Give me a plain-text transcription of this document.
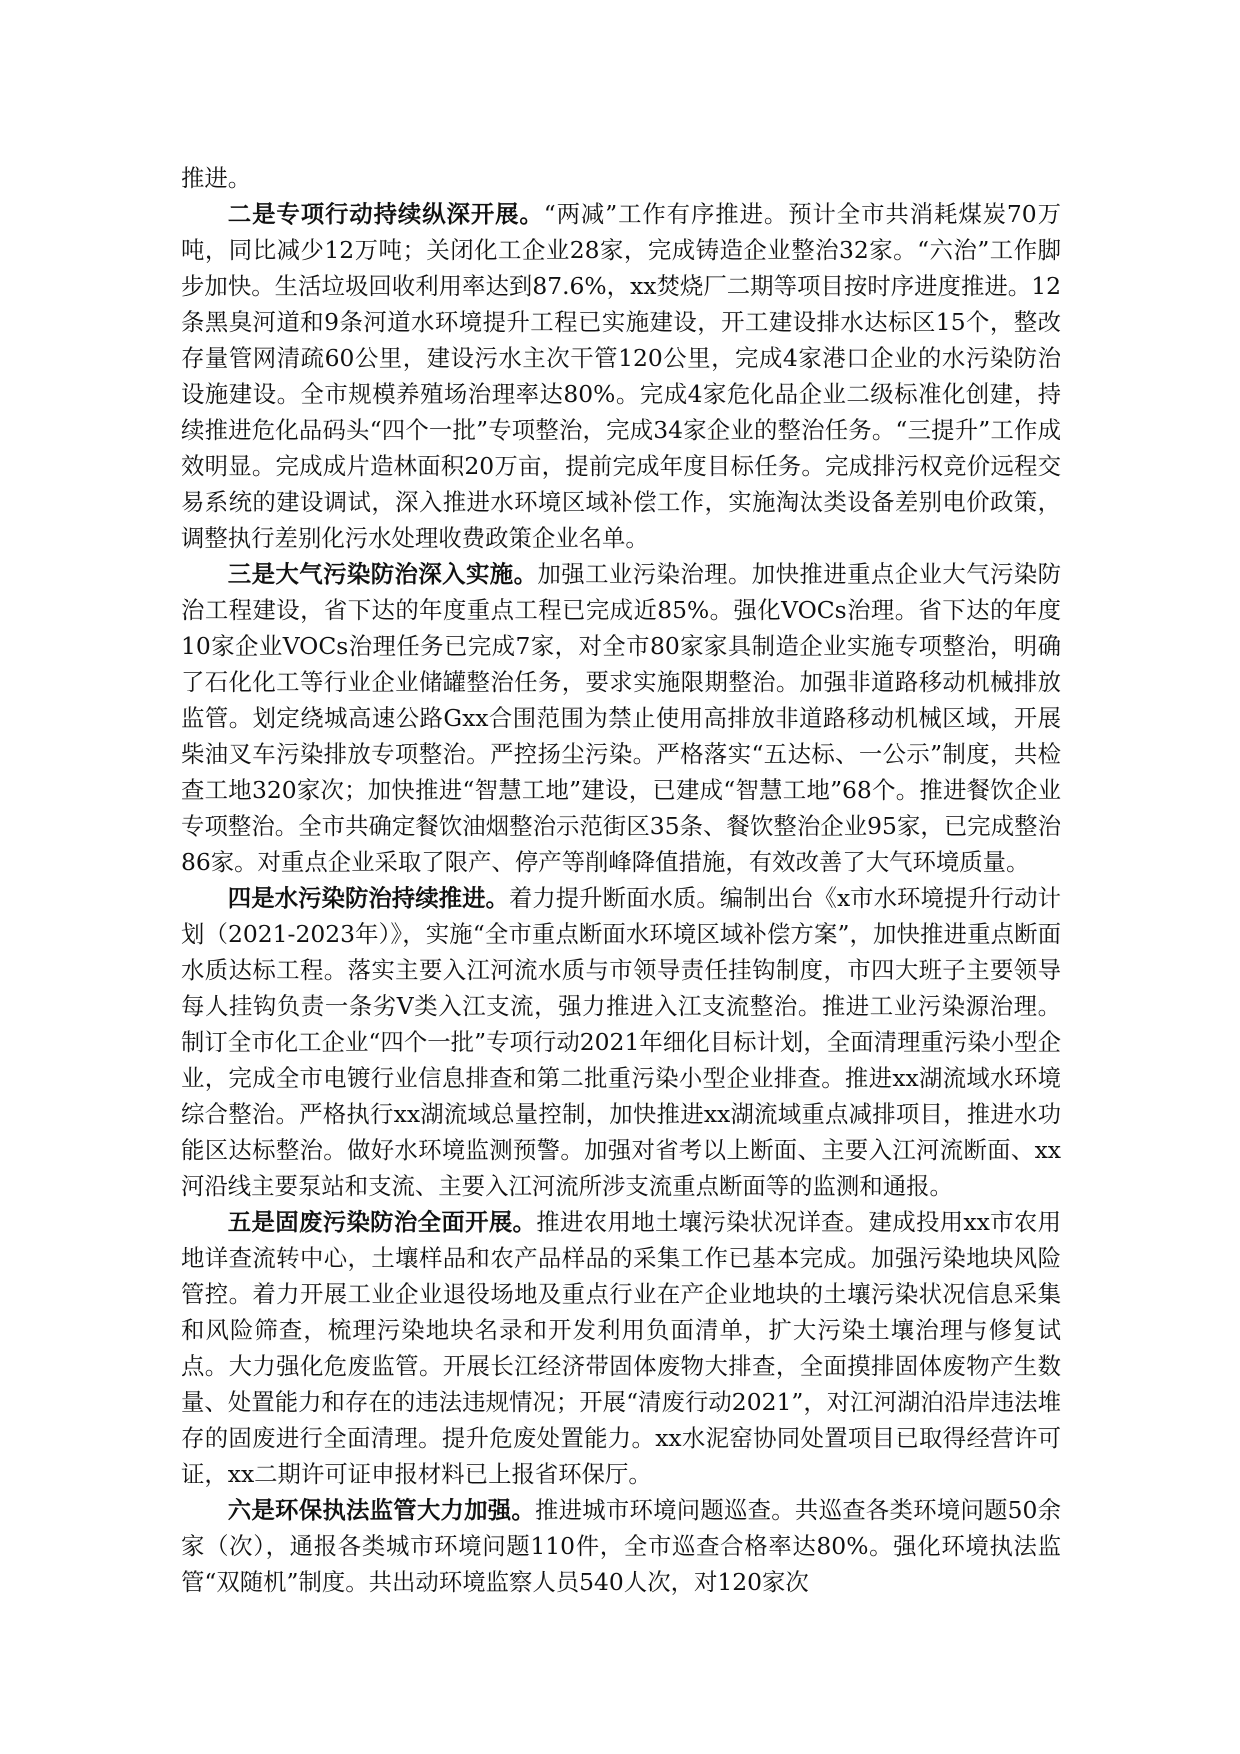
推进。

二是专项行动持续纵深开展。“两减”工作有序推进。预计全市共消耗煤炭70万吨，同比减少12万吨；关闭化工企业28家，完成铸造企业整治32家。“六治”工作脚步加快。生活垃圾回收利用率达到87.6%，xx焚烧厂二期等项目按时序进度推进。12条黑臭河道和9条河道水环境提升工程已实施建设，开工建设排水达标区15个，整改存量管网清疏60公里，建设污水主次干管120公里，完成4家港口企业的水污染防治设施建设。全市规模养殖场治理率达80%。完成4家危化品企业二级标准化创建，持续推进危化品码头“四个一批”专项整治，完成34家企业的整治任务。“三提升”工作成效明显。完成成片造林面积20万亩，提前完成年度目标任务。完成排污权竞价远程交易系统的建设调试，深入推进水环境区域补偿工作，实施淘汰类设备差别电价政策，调整执行差别化污水处理收费政策企业名单。

三是大气污染防治深入实施。加强工业污染治理。加快推进重点企业大气污染防治工程建设，省下达的年度重点工程已完成近85%。强化VOCs治理。省下达的年度10家企业VOCs治理任务已完成7家，对全市80家家具制造企业实施专项整治，明确了石化化工等行业企业储罐整治任务，要求实施限期整治。加强非道路移动机械排放监管。划定绕城高速公路Gxx合围范围为禁止使用高排放非道路移动机械区域，开展柴油叉车污染排放专项整治。严控扬尘污染。严格落实“五达标、一公示”制度，共检查工地320家次；加快推进“智慧工地”建设，已建成“智慧工地”68个。推进餐饮企业专项整治。全市共确定餐饮油烟整治示范街区35条、餐饮整治企业95家，已完成整治86家。对重点企业采取了限产、停产等削峰降值措施，有效改善了大气环境质量。

四是水污染防治持续推进。着力提升断面水质。编制出台《x市水环境提升行动计划（2021-2023年）》，实施“全市重点断面水环境区域补偿方案”，加快推进重点断面水质达标工程。落实主要入江河流水质与市领导责任挂钩制度，市四大班子主要领导每人挂钩负责一条劣Ⅴ类入江支流，强力推进入江支流整治。推进工业污染源治理。制订全市化工企业“四个一批”专项行动2021年细化目标计划，全面清理重污染小型企业，完成全市电镀行业信息排查和第二批重污染小型企业排查。推进xx湖流域水环境综合整治。严格执行xx湖流域总量控制，加快推进xx湖流域重点减排项目，推进水功能区达标整治。做好水环境监测预警。加强对省考以上断面、主要入江河流断面、xx河沿线主要泵站和支流、主要入江河流所涉支流重点断面等的监测和通报。

五是固废污染防治全面开展。推进农用地土壤污染状况详查。建成投用xx市农用地详查流转中心，土壤样品和农产品样品的采集工作已基本完成。加强污染地块风险管控。着力开展工业企业退役场地及重点行业在产企业地块的土壤污染状况信息采集和风险筛查，梳理污染地块名录和开发利用负面清单，扩大污染土壤治理与修复试点。大力强化危废监管。开展长江经济带固体废物大排查，全面摸排固体废物产生数量、处置能力和存在的违法违规情况；开展“清废行动2021”，对江河湖泊沿岸违法堆存的固废进行全面清理。提升危废处置能力。xx水泥窑协同处置项目已取得经营许可证，xx二期许可证申报材料已上报省环保厅。

六是环保执法监管大力加强。推进城市环境问题巡查。共巡查各类环境问题50余家（次），通报各类城市环境问题110件，全市巡查合格率达80%。强化环境执法监管“双随机”制度。共出动环境监察人员540人次，对120家次
